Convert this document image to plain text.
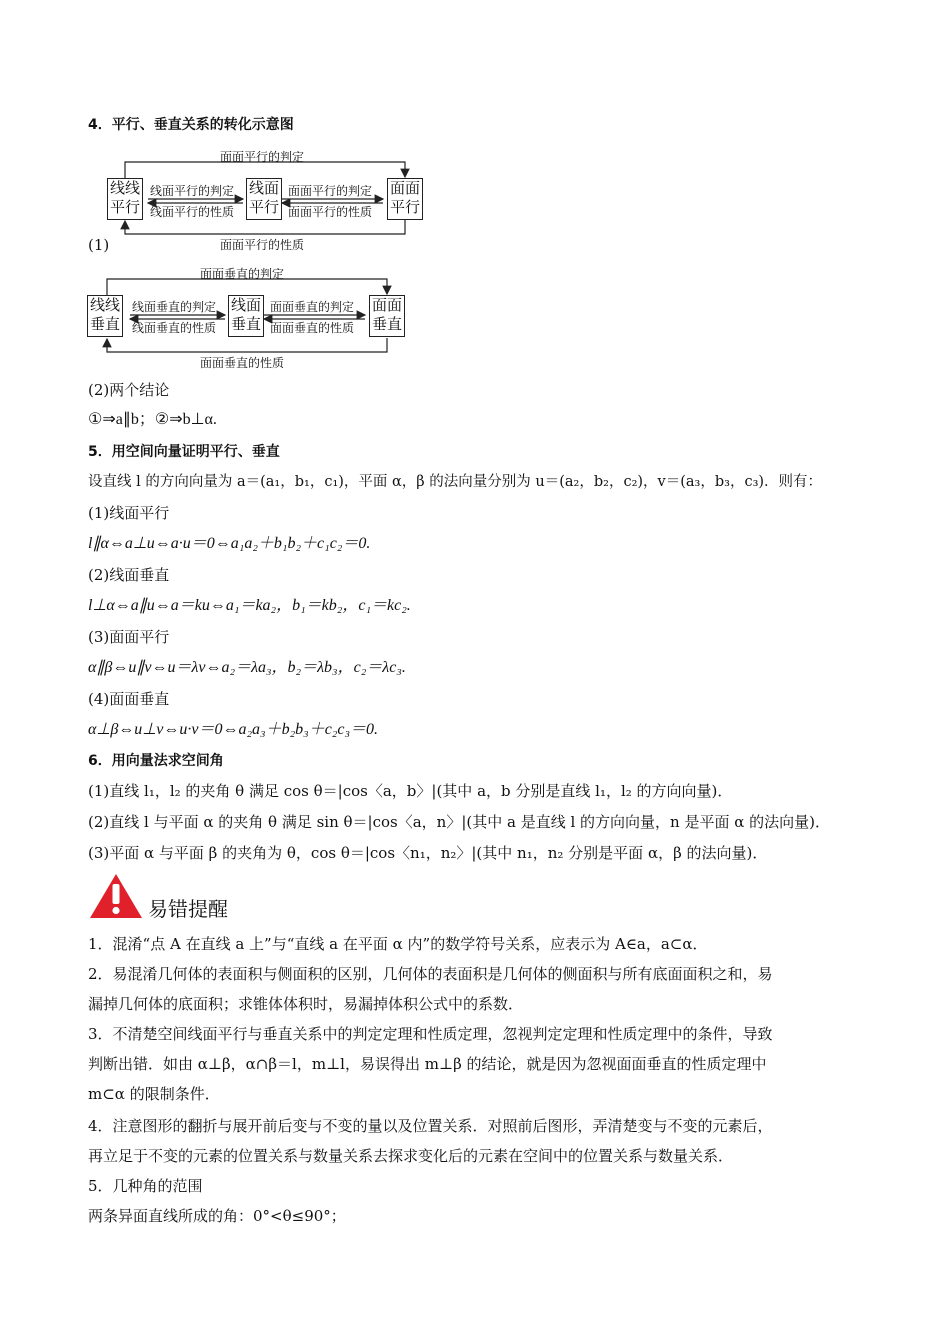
4．平行、垂直关系的转化示意图
面面平行的判定
线线平行
线面平行
面面平行
线面平行的判定
线面平行的性质
面面平行的判定
面面平行的性质
面面平行的性质
(1)
面面垂直的判定
线线垂直
线面垂直
面面垂直
线面垂直的判定
线面垂直的性质
面面垂直的判定
面面垂直的性质
面面垂直的性质
(2)两个结论
①⇒a∥b；②⇒b⊥α.
5．用空间向量证明平行、垂直
设直线 l 的方向向量为 a＝(a₁，b₁，c₁)，平面 α，β 的法向量分别为 u＝(a₂，b₂，c₂)，v＝(a₃，b₃，c₃)．则有：
(1)线面平行
l∥α⇔a⊥u⇔a·u＝0⇔a₁a₂＋b₁b₂＋c₁c₂＝0.
(2)线面垂直
l⊥α⇔a∥u⇔a＝ku⇔a₁＝ka₂，b₁＝kb₂，c₁＝kc₂.
(3)面面平行
α∥β⇔u∥v⇔u＝λv⇔a₂＝λa₃，b₂＝λb₃，c₂＝λc₃.
(4)面面垂直
α⊥β⇔u⊥v⇔u·v＝0⇔a₂a₃＋b₂b₃＋c₂c₃＝0.
6．用向量法求空间角
(1)直线 l₁，l₂ 的夹角 θ 满足 cos θ＝|cos〈a，b〉|(其中 a，b 分别是直线 l₁，l₂ 的方向向量)．
(2)直线 l 与平面 α 的夹角 θ 满足 sin θ＝|cos〈a，n〉|(其中 a 是直线 l 的方向向量，n 是平面 α 的法向量)．
(3)平面 α 与平面 β 的夹角为 θ，cos θ＝|cos〈n₁，n₂〉|(其中 n₁，n₂ 分别是平面 α，β 的法向量)．
易错提醒
1．混淆“点 A 在直线 a 上”与“直线 a 在平面 α 内”的数学符号关系，应表示为 A∈a，a⊂α．
2．易混淆几何体的表面积与侧面积的区别，几何体的表面积是几何体的侧面积与所有底面面积之和，易
漏掉几何体的底面积；求锥体体积时，易漏掉体积公式中的系数．
3．不清楚空间线面平行与垂直关系中的判定定理和性质定理，忽视判定定理和性质定理中的条件，导致
判断出错．如由 α⊥β，α∩β＝l，m⊥l，易误得出 m⊥β 的结论，就是因为忽视面面垂直的性质定理中
m⊂α 的限制条件．
4．注意图形的翻折与展开前后变与不变的量以及位置关系．对照前后图形，弄清楚变与不变的元素后，
再立足于不变的元素的位置关系与数量关系去探求变化后的元素在空间中的位置关系与数量关系．
5．几种角的范围
两条异面直线所成的角：0°<θ≤90°；
